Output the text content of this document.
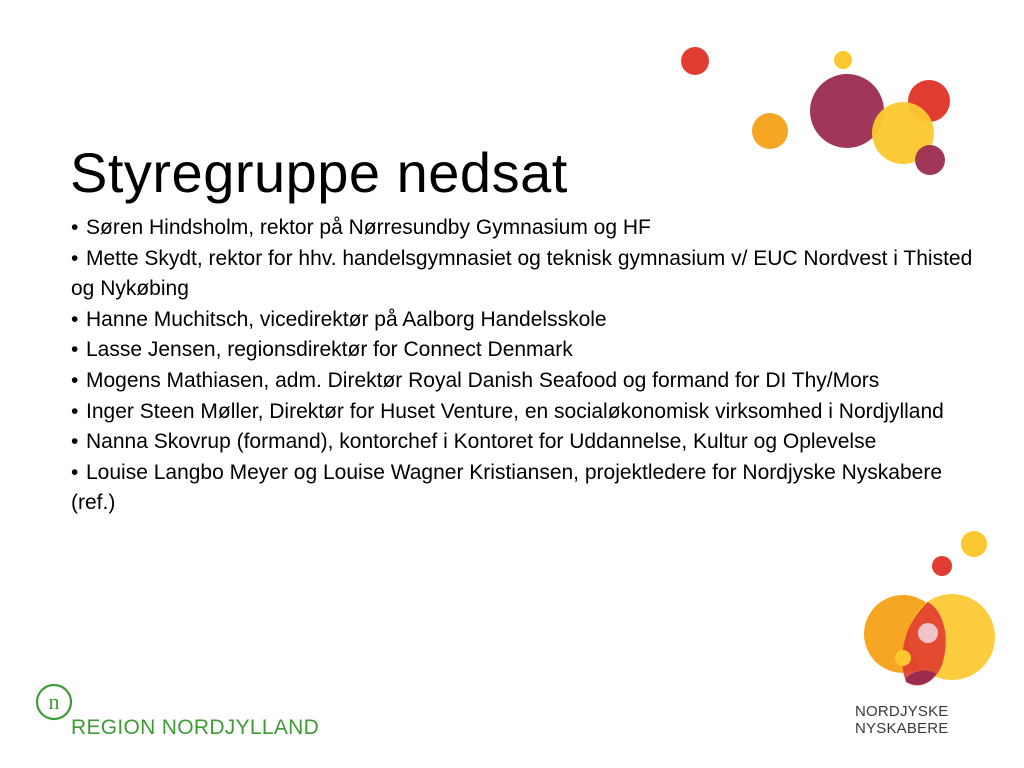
Styregruppe nedsat
• Søren Hindsholm, rektor på Nørresundby Gymnasium og HF
• Mette Skydt, rektor for hhv. handelsgymnasiet og teknisk gymnasium v/ EUC Nordvest i Thisted og Nykøbing
• Hanne Muchitsch, vicedirektør på Aalborg Handelsskole
• Lasse Jensen, regionsdirektør for Connect Denmark
• Mogens Mathiasen, adm. Direktør Royal Danish Seafood og formand for DI Thy/Mors
• Inger Steen Møller, Direktør for Huset Venture, en socialøkonomisk virksomhed i Nordjylland
• Nanna Skovrup (formand), kontorchef i Kontoret for Uddannelse, Kultur og Oplevelse
• Louise Langbo Meyer og Louise Wagner Kristiansen, projektledere for Nordjyske Nyskabere (ref.)
n
REGION NORDJYLLAND
NORDJYSKE
NYSKABERE
